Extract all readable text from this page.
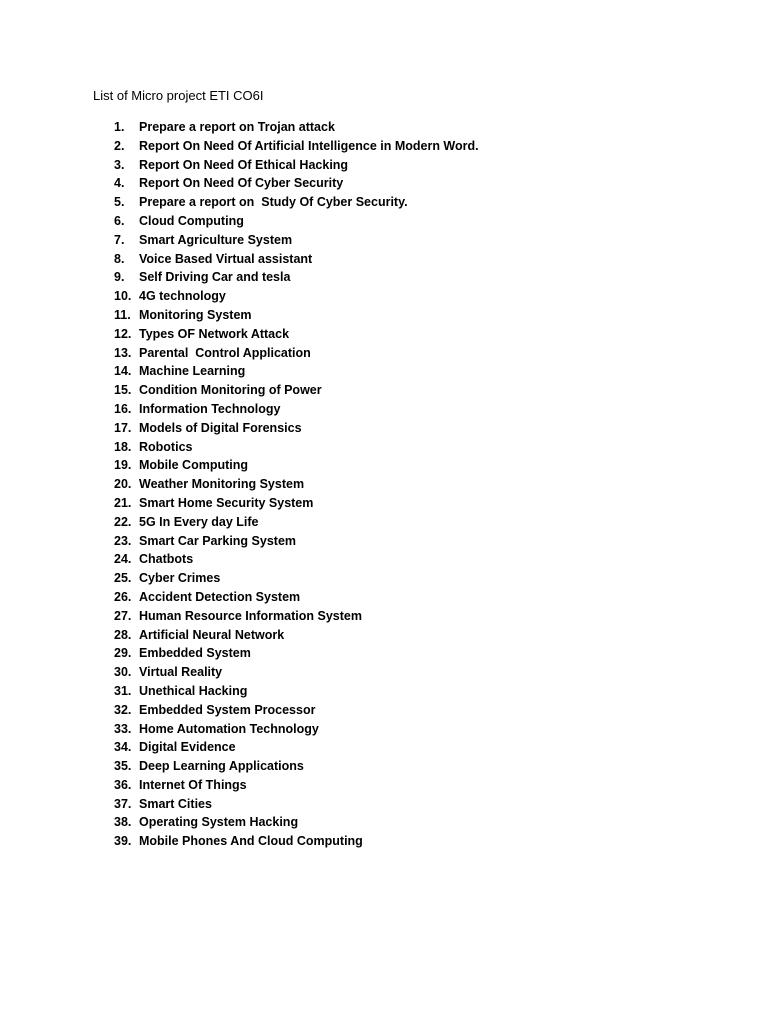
List of Micro project ETI CO6I
1. Prepare a report on Trojan attack
2. Report On Need Of Artificial Intelligence in Modern Word.
3. Report On Need Of Ethical Hacking
4. Report On Need Of Cyber Security
5. Prepare a report on  Study Of Cyber Security.
6. Cloud Computing
7. Smart Agriculture System
8. Voice Based Virtual assistant
9. Self Driving Car and tesla
10. 4G technology
11. Monitoring System
12. Types OF Network Attack
13. Parental  Control Application
14. Machine Learning
15. Condition Monitoring of Power
16. Information Technology
17. Models of Digital Forensics
18. Robotics
19. Mobile Computing
20. Weather Monitoring System
21. Smart Home Security System
22. 5G In Every day Life
23. Smart Car Parking System
24. Chatbots
25. Cyber Crimes
26. Accident Detection System
27. Human Resource Information System
28. Artificial Neural Network
29. Embedded System
30. Virtual Reality
31. Unethical Hacking
32. Embedded System Processor
33. Home Automation Technology
34. Digital Evidence
35. Deep Learning Applications
36. Internet Of Things
37. Smart Cities
38. Operating System Hacking
39. Mobile Phones And Cloud Computing
